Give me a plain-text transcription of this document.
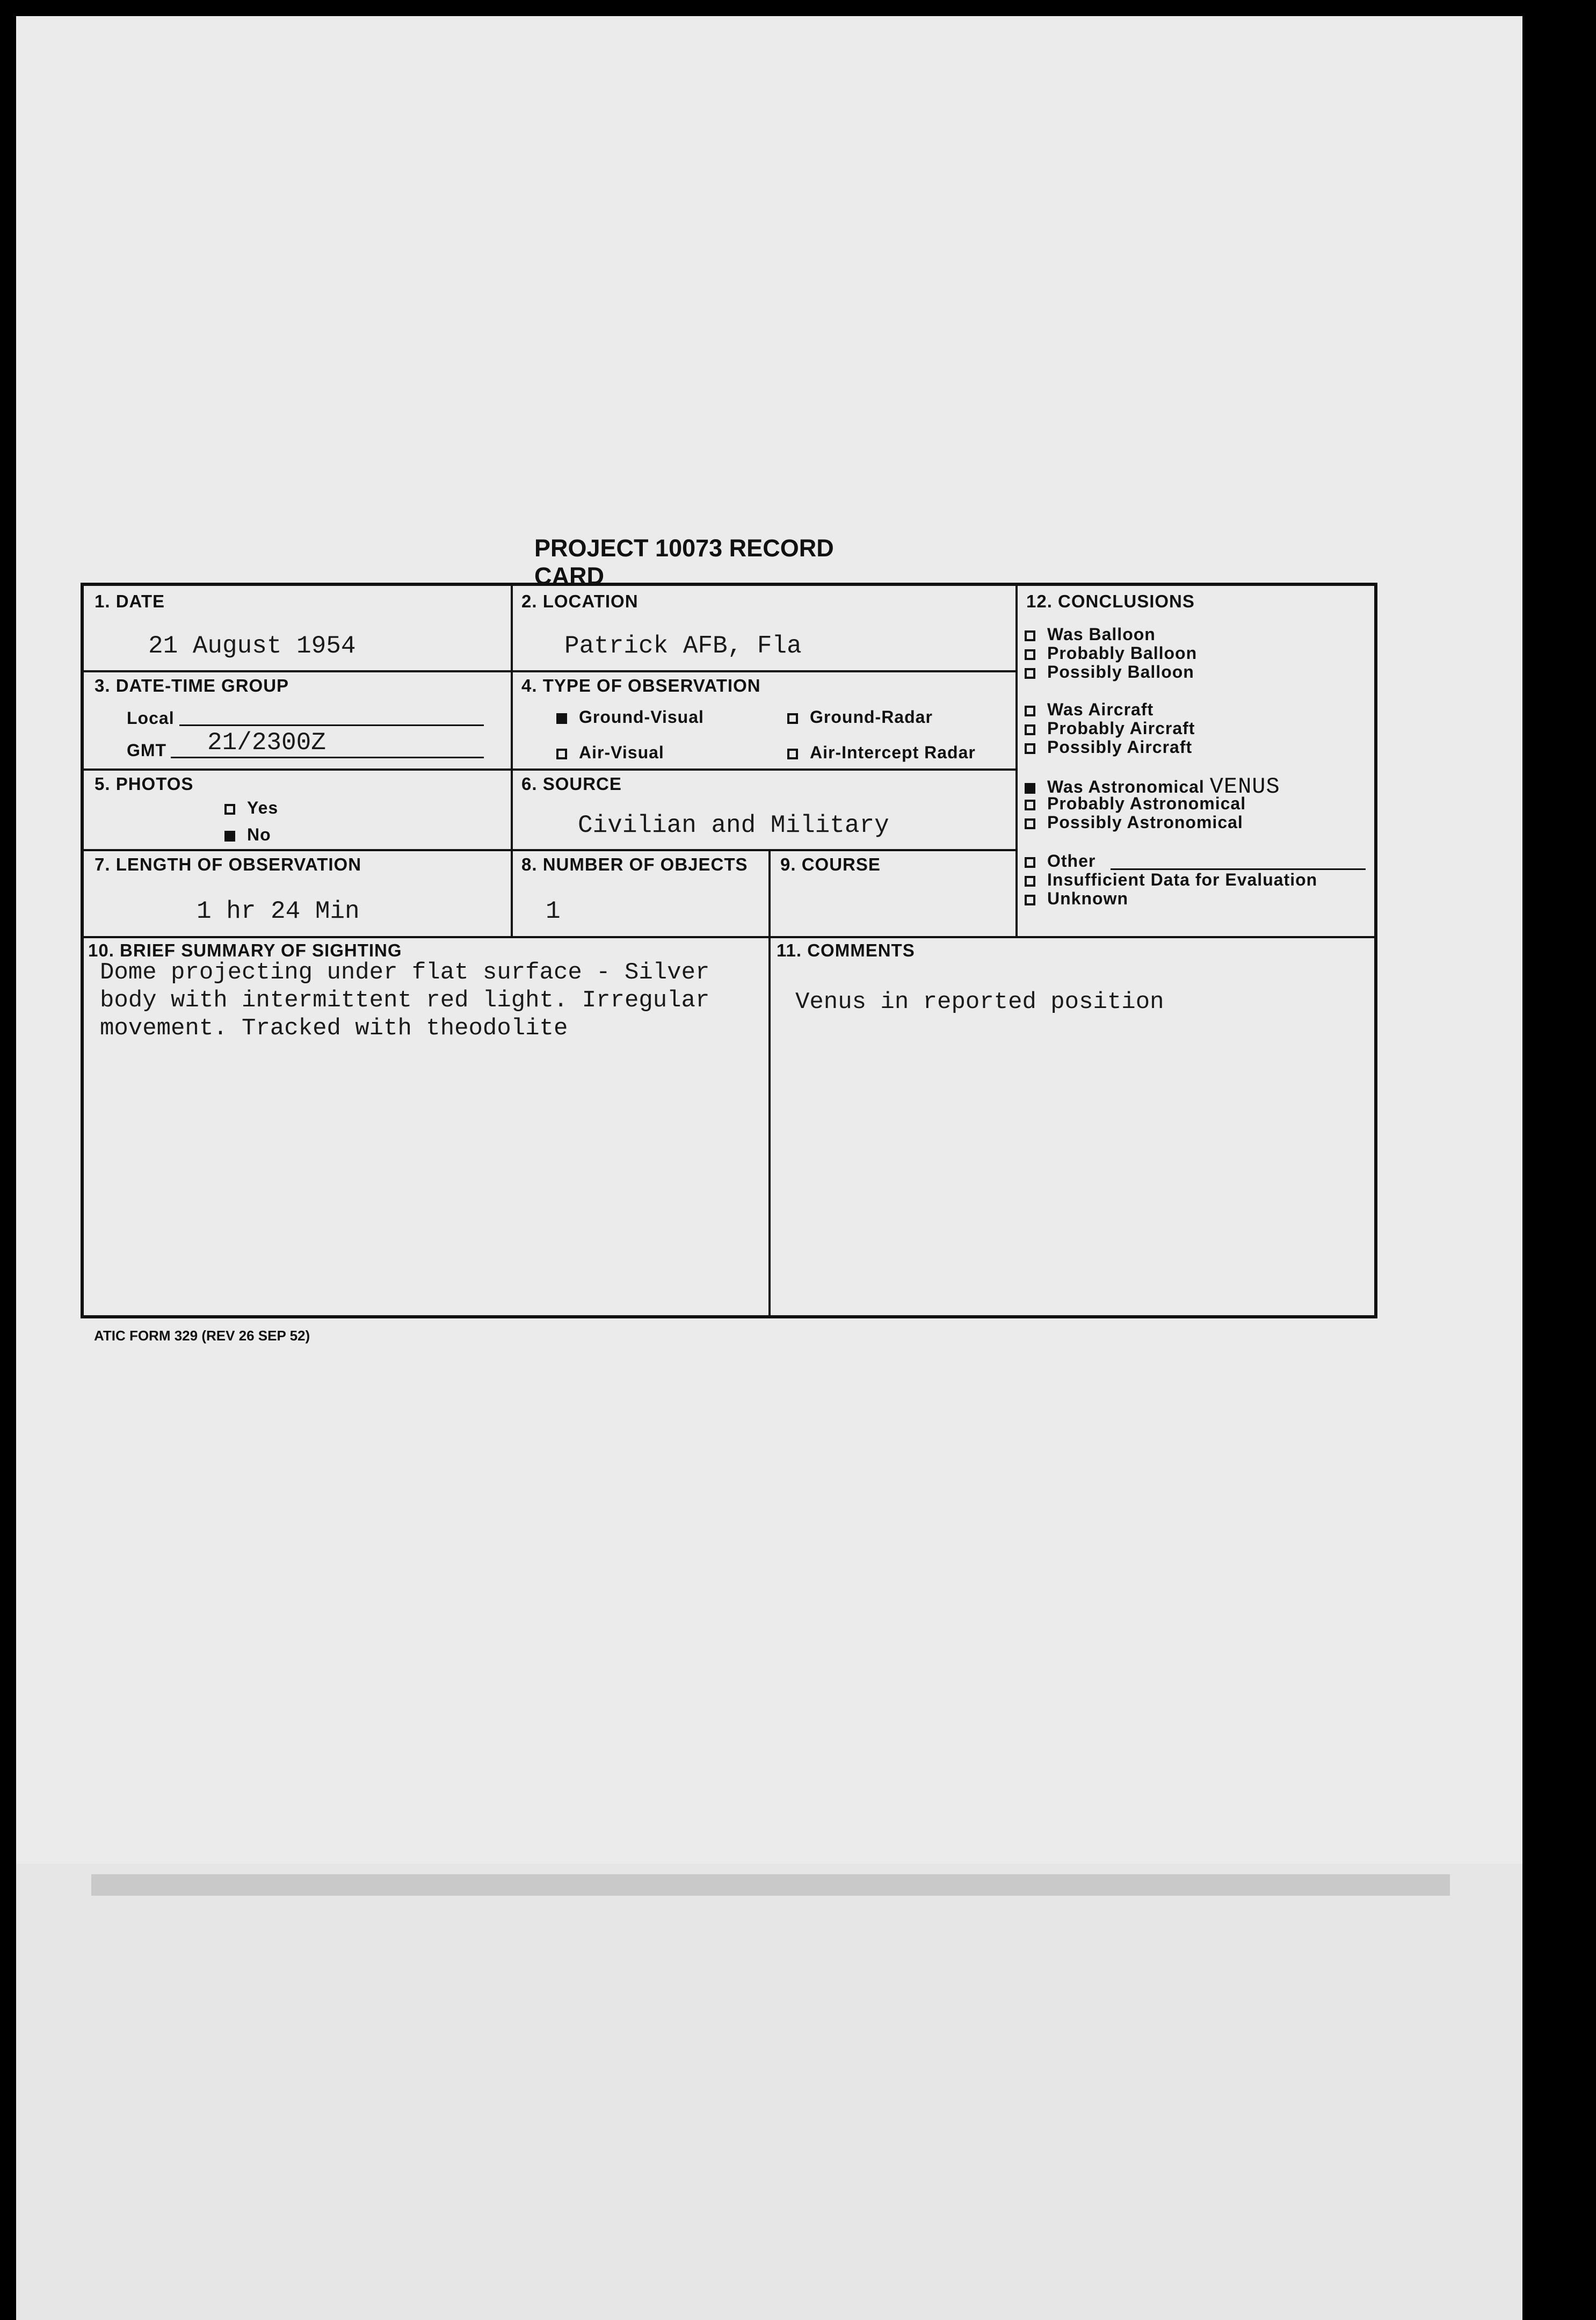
PROJECT 10073 RECORD CARD
1. DATE
21 August 1954
2. LOCATION
Patrick AFB, Fla
3. DATE-TIME GROUP
Local
GMT 21/2300Z
4. TYPE OF OBSERVATION
Ground-Visual	Ground-Radar
Air-Visual	Air-Intercept Radar
5. PHOTOS
Yes
No
6. SOURCE
Civilian and Military
7. LENGTH OF OBSERVATION
1 hr 24 Min
8. NUMBER OF OBJECTS
1
9. COURSE
10. BRIEF SUMMARY OF SIGHTING
Dome projecting under flat surface - Silver
body with intermittent red light. Irregular
movement. Tracked with theodolite
11. COMMENTS
Venus in reported position
12. CONCLUSIONS
Was Balloon
Probably Balloon
Possibly Balloon
Was Aircraft
Probably Aircraft
Possibly Aircraft
Was Astronomical VENUS
Probably Astronomical
Possibly Astronomical
Other
Insufficient Data for Evaluation
Unknown
ATIC FORM 329 (REV 26 SEP 52)
